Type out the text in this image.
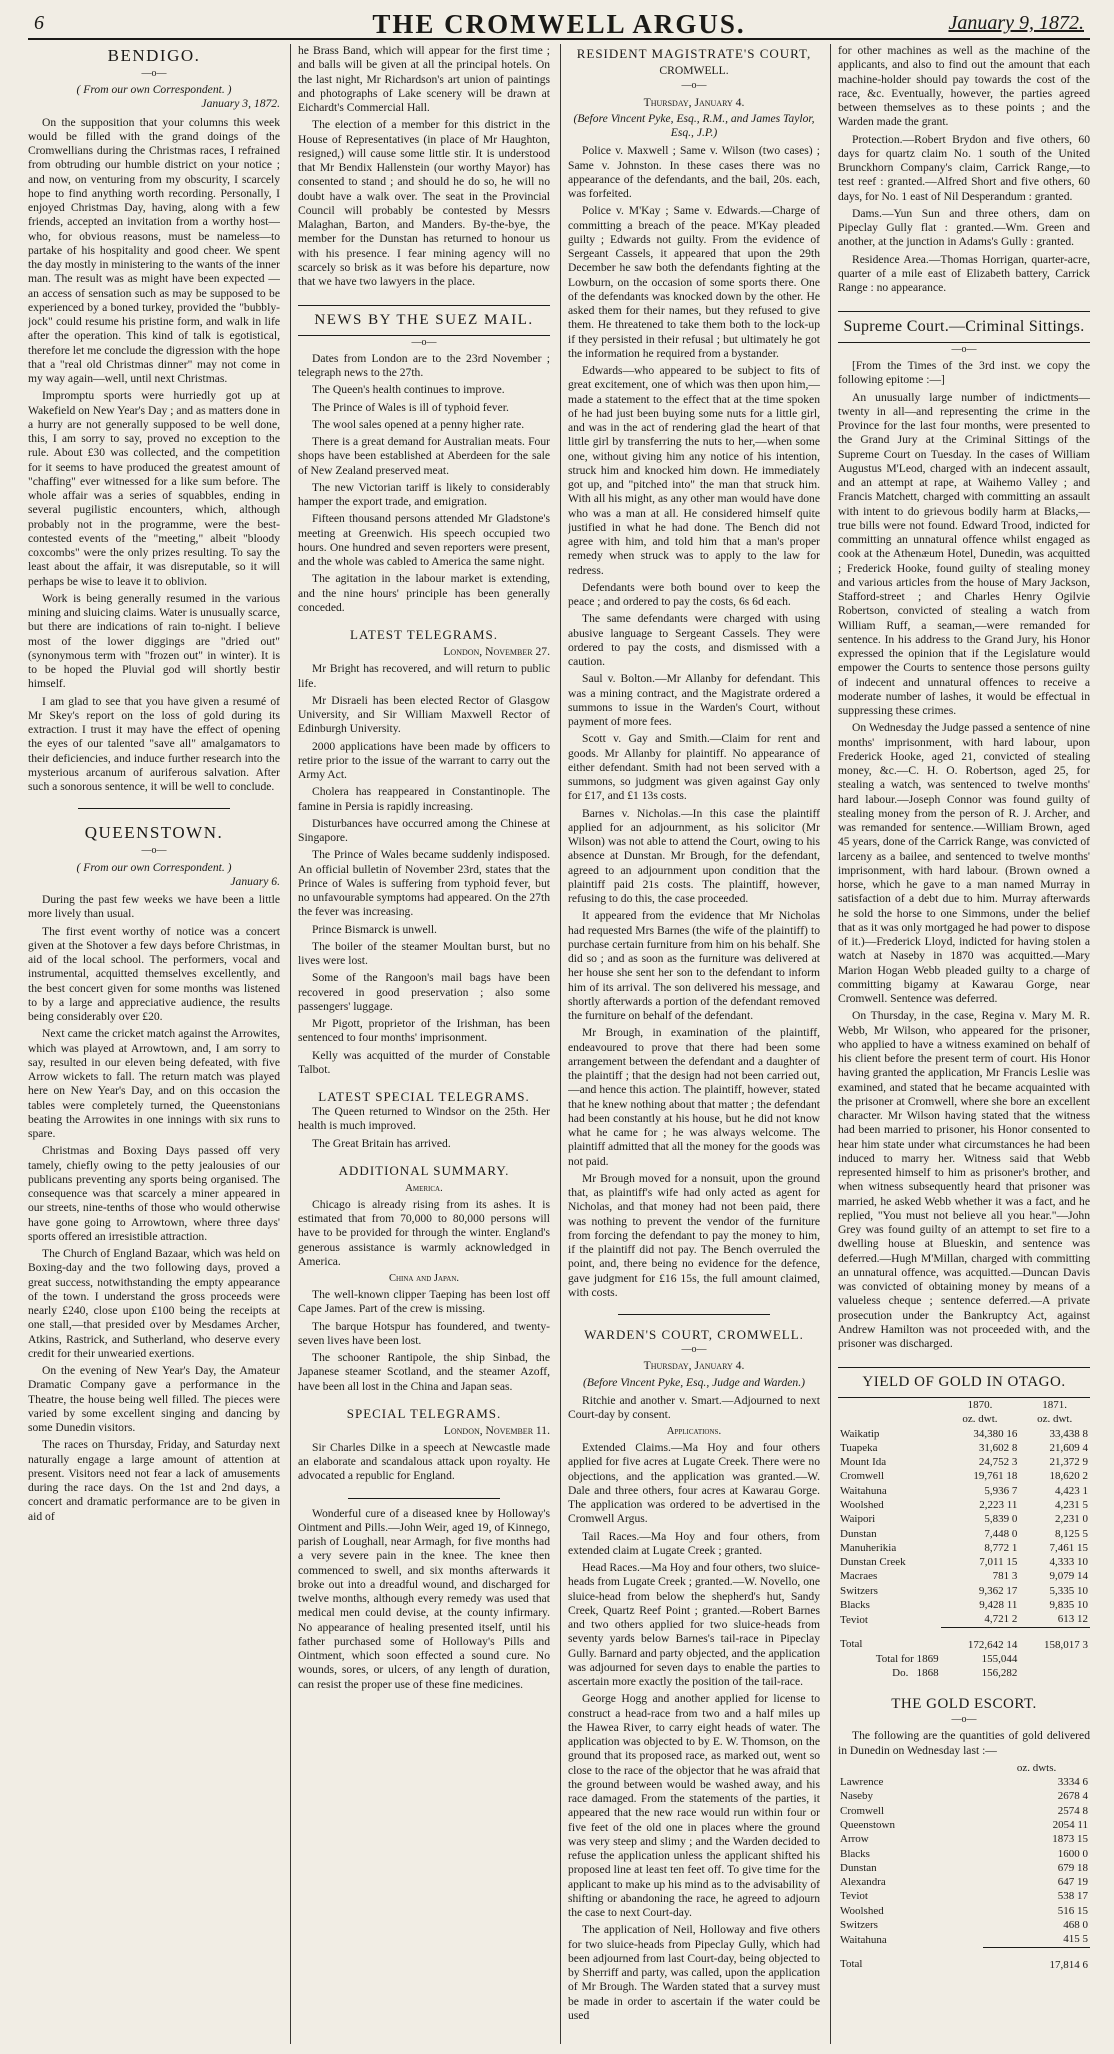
6	THE CROMWELL ARGUS.	January 9, 1872.
BENDIGO.
—o—
( From our own Correspondent. )
January 3, 1872.

On the supposition that your columns this week would be filled with the grand doings of the Cromwellians during the Christmas races, I refrained from obtruding our humble district on your notice ; and now, on venturing from my obscurity, I scarcely hope to find anything worth recording. Personally, I enjoyed Christmas Day, having, along with a few friends, accepted an invitation from a worthy host—who, for obvious reasons, must be nameless—to partake of his hospitality and good cheer. We spent the day mostly in ministering to the wants of the inner man. The result was as might have been expected —an access of sensation such as may be supposed to be experienced by a boned turkey, provided the "bubbly-jock" could resume his pristine form, and walk in life after the operation. This kind of talk is egotistical, therefore let me conclude the digression with the hope that a "real old Christmas dinner" may not come in my way again—well, until next Christmas.

Impromptu sports were hurriedly got up at Wakefield on New Year's Day ; and as matters done in a hurry are not generally supposed to be well done, this, I am sorry to say, proved no exception to the rule. About £30 was collected, and the competition for it seems to have produced the greatest amount of "chaffing" ever witnessed for a like sum before. The whole affair was a series of squabbles, ending in several pugilistic encounters, which, although probably not in the programme, were the best-contested events of the "meeting," albeit "bloody coxcombs" were the only prizes resulting. To say the least about the affair, it was disreputable, so it will perhaps be wise to leave it to oblivion.

Work is being generally resumed in the various mining and sluicing claims. Water is unusually scarce, but there are indications of rain to-night. I believe most of the lower diggings are "dried out" (synonymous term with "frozen out" in winter). It is to be hoped the Pluvial god will shortly bestir himself.

I am glad to see that you have given a resumé of Mr Skey's report on the loss of gold during its extraction. I trust it may have the effect of opening the eyes of our talented "save all" amalgamators to their deficiencies, and induce further research into the mysterious arcanum of auriferous salvation. After such a sonorous sentence, it will be well to conclude.

QUEENSTOWN.
—o—
( From our own Correspondent. )
January 6.

During the past few weeks we have been a little more lively than usual.

The first event worthy of notice was a concert given at the Shotover a few days before Christmas, in aid of the local school. The performers, vocal and instrumental, acquitted themselves excellently, and the best concert given for some months was listened to by a large and appreciative audience, the results being considerably over £20.

Next came the cricket match against the Arrowites, which was played at Arrowtown, and, I am sorry to say, resulted in our eleven being defeated, with five Arrow wickets to fall. The return match was played here on New Year's Day, and on this occasion the tables were completely turned, the Queenstonians beating the Arrowites in one innings with six runs to spare.

Christmas and Boxing Days passed off very tamely, chiefly owing to the petty jealousies of our publicans preventing any sports being organised. The consequence was that scarcely a miner appeared in our streets, nine-tenths of those who would otherwise have gone going to Arrowtown, where three days' sports offered an irresistible attraction.

The Church of England Bazaar, which was held on Boxing-day and the two following days, proved a great success, notwithstanding the empty appearance of the town. I understand the gross proceeds were nearly £240, close upon £100 being the receipts at one stall,—that presided over by Mesdames Archer, Atkins, Rastrick, and Sutherland, who deserve every credit for their unwearied exertions.

On the evening of New Year's Day, the Amateur Dramatic Company gave a performance in the Theatre, the house being well filled. The pieces were varied by some excellent singing and dancing by some Dunedin visitors.

The races on Thursday, Friday, and Saturday next naturally engage a large amount of attention at present. Visitors need not fear a lack of amusements during the race days. On the 1st and 2nd days, a concert and dramatic performance are to be given in aid of

he Brass Band, which will appear for the first time ; and balls will be given at all the principal hotels. On the last night, Mr Richardson's art union of paintings and photographs of Lake scenery will be drawn at Eichardt's Commercial Hall.

The election of a member for this district in the House of Representatives (in place of Mr Haughton, resigned,) will cause some little stir. It is understood that Mr Bendix Hallenstein (our worthy Mayor) has consented to stand ; and should he do so, he will no doubt have a walk over. The seat in the Provincial Council will probably be contested by Messrs Malaghan, Barton, and Manders. By-the-bye, the member for the Dunstan has returned to honour us with his presence. I fear mining agency will no scarcely so brisk as it was before his departure, now that we have two lawyers in the place.

NEWS BY THE SUEZ MAIL.
—o—

Dates from London are to the 23rd November ; telegraph news to the 27th.

The Queen's health continues to improve.

The Prince of Wales is ill of typhoid fever.

The wool sales opened at a penny higher rate.

There is a great demand for Australian meats. Four shops have been established at Aberdeen for the sale of New Zealand preserved meat.

The new Victorian tariff is likely to considerably hamper the export trade, and emigration.

Fifteen thousand persons attended Mr Gladstone's meeting at Greenwich. His speech occupied two hours. One hundred and seven reporters were present, and the whole was cabled to America the same night.

The agitation in the labour market is extending, and the nine hours' principle has been generally conceded.

LATEST TELEGRAMS.
London, November 27.

Mr Bright has recovered, and will return to public life.

Mr Disraeli has been elected Rector of Glasgow University, and Sir William Maxwell Rector of Edinburgh University.

2000 applications have been made by officers to retire prior to the issue of the warrant to carry out the Army Act.

Cholera has reappeared in Constantinople. The famine in Persia is rapidly increasing.

Disturbances have occurred among the Chinese at Singapore.

The Prince of Wales became suddenly indisposed. An official bulletin of November 23rd, states that the Prince of Wales is suffering from typhoid fever, but no unfavourable symptoms had appeared. On the 27th the fever was increasing.

Prince Bismarck is unwell.

The boiler of the steamer Moultan burst, but no lives were lost.

Some of the Rangoon's mail bags have been recovered in good preservation ; also some passengers' luggage.

Mr Pigott, proprietor of the Irishman, has been sentenced to four months' imprisonment.

Kelly was acquitted of the murder of Constable Talbot.

LATEST SPECIAL TELEGRAMS.

The Queen returned to Windsor on the 25th. Her health is much improved.

The Great Britain has arrived.

ADDITIONAL SUMMARY.
America.

Chicago is already rising from its ashes. It is estimated that from 70,000 to 80,000 persons will have to be provided for through the winter. England's generous assistance is warmly acknowledged in America.

China and Japan.

The well-known clipper Taeping has been lost off Cape James. Part of the crew is missing.

The barque Hotspur has foundered, and twenty-seven lives have been lost.

The schooner Rantipole, the ship Sinbad, the Japanese steamer Scotland, and the steamer Azoff, have been all lost in the China and Japan seas.

SPECIAL TELEGRAMS.
London, November 11.

Sir Charles Dilke in a speech at Newcastle made an elaborate and scandalous attack upon royalty. He advocated a republic for England.

Wonderful cure of a diseased knee by Holloway's Ointment and Pills.—John Weir, aged 19, of Kinnego, parish of Loughall, near Armagh, for five months had a very severe pain in the knee. The knee then commenced to swell, and six months afterwards it broke out into a dreadful wound, and discharged for twelve months, although every remedy was used that medical men could devise, at the county infirmary. No appearance of healing presented itself, until his father purchased some of Holloway's Pills and Ointment, which soon effected a sound cure. No wounds, sores, or ulcers, of any length of duration, can resist the proper use of these fine medicines.

RESIDENT MAGISTRATE'S COURT,
CROMWELL.
—o—
Thursday, January 4.
(Before Vincent Pyke, Esq., R.M., and James Taylor, Esq., J.P.)

Police v. Maxwell ; Same v. Wilson (two cases) ; Same v. Johnston. In these cases there was no appearance of the defendants, and the bail, 20s. each, was forfeited.

Police v. M'Kay ; Same v. Edwards.—Charge of committing a breach of the peace. M'Kay pleaded guilty ; Edwards not guilty. From the evidence of Sergeant Cassels, it appeared that upon the 29th December he saw both the defendants fighting at the Lowburn, on the occasion of some sports there. One of the defendants was knocked down by the other. He asked them for their names, but they refused to give them. He threatened to take them both to the lock-up if they persisted in their refusal ; but ultimately he got the information he required from a bystander.

Edwards—who appeared to be subject to fits of great excitement, one of which was then upon him,—made a statement to the effect that at the time spoken of he had just been buying some nuts for a little girl, and was in the act of rendering glad the heart of that little girl by transferring the nuts to her,—when some one, without giving him any notice of his intention, struck him and knocked him down. He immediately got up, and "pitched into" the man that struck him. With all his might, as any other man would have done who was a man at all. He considered himself quite justified in what he had done. The Bench did not agree with him, and told him that a man's proper remedy when struck was to apply to the law for redress.

Defendants were both bound over to keep the peace ; and ordered to pay the costs, 6s 6d each.

The same defendants were charged with using abusive language to Sergeant Cassels. They were ordered to pay the costs, and dismissed with a caution.

Saul v. Bolton.—Mr Allanby for defendant. This was a mining contract, and the Magistrate ordered a summons to issue in the Warden's Court, without payment of more fees.

Scott v. Gay and Smith.—Claim for rent and goods. Mr Allanby for plaintiff. No appearance of either defendant. Smith had not been served with a summons, so judgment was given against Gay only for £17, and £1 13s costs.

Barnes v. Nicholas.—In this case the plaintiff applied for an adjournment, as his solicitor (Mr Wilson) was not able to attend the Court, owing to his absence at Dunstan. Mr Brough, for the defendant, agreed to an adjournment upon condition that the plaintiff paid 21s costs. The plaintiff, however, refusing to do this, the case proceeded.

It appeared from the evidence that Mr Nicholas had requested Mrs Barnes (the wife of the plaintiff) to purchase certain furniture from him on his behalf. She did so ; and as soon as the furniture was delivered at her house she sent her son to the defendant to inform him of its arrival. The son delivered his message, and shortly afterwards a portion of the defendant removed the furniture on behalf of the defendant.

Mr Brough, in examination of the plaintiff, endeavoured to prove that there had been some arrangement between the defendant and a daughter of the plaintiff ; that the design had not been carried out,—and hence this action. The plaintiff, however, stated that he knew nothing about that matter ; the defendant had been constantly at his house, but he did not know what he came for ; he was always welcome. The plaintiff admitted that all the money for the goods was not paid.

Mr Brough moved for a nonsuit, upon the ground that, as plaintiff's wife had only acted as agent for Nicholas, and that money had not been paid, there was nothing to prevent the vendor of the furniture from forcing the defendant to pay the money to him, if the plaintiff did not pay. The Bench overruled the point, and, there being no evidence for the defence, gave judgment for £16 15s, the full amount claimed, with costs.

WARDEN'S COURT, CROMWELL.
—o—
Thursday, January 4.
(Before Vincent Pyke, Esq., Judge and Warden.)

Ritchie and another v. Smart.—Adjourned to next Court-day by consent.

Applications.

Extended Claims.—Ma Hoy and four others applied for five acres at Lugate Creek. There were no objections, and the application was granted.—W. Dale and three others, four acres at Kawarau Gorge. The application was ordered to be advertised in the Cromwell Argus.

Tail Races.—Ma Hoy and four others, from extended claim at Lugate Creek ; granted.

Head Races.—Ma Hoy and four others, two sluice-heads from Lugate Creek ; granted.—W. Novello, one sluice-head from below the shepherd's hut, Sandy Creek, Quartz Reef Point ; granted.—Robert Barnes and two others applied for two sluice-heads from seventy yards below Barnes's tail-race in Pipeclay Gully. Barnard and party objected, and the application was adjourned for seven days to enable the parties to ascertain more exactly the position of the tail-race.

George Hogg and another applied for license to construct a head-race from two and a half miles up the Hawea River, to carry eight heads of water. The application was objected to by E. W. Thomson, on the ground that its proposed race, as marked out, went so close to the race of the objector that he was afraid that the ground between would be washed away, and his race damaged. From the statements of the parties, it appeared that the new race would run within four or five feet of the old one in places where the ground was very steep and slimy ; and the Warden decided to refuse the application unless the applicant shifted his proposed line at least ten feet off. To give time for the applicant to make up his mind as to the advisability of shifting or abandoning the race, he agreed to adjourn the case to next Court-day.

The application of Neil, Holloway and five others for two sluice-heads from Pipeclay Gully, which had been adjourned from last Court-day, being objected to by Sherriff and party, was called, upon the application of Mr Brough. The Warden stated that a survey must be made in order to ascertain if the water could be used

for other machines as well as the machine of the applicants, and also to find out the amount that each machine-holder should pay towards the cost of the race, &c. Eventually, however, the parties agreed between themselves as to these points ; and the Warden made the grant.

Protection.—Robert Brydon and five others, 60 days for quartz claim No. 1 south of the United Brunckhorn Company's claim, Carrick Range,—to test reef : granted.—Alfred Short and five others, 60 days, for No. 1 east of Nil Desperandum : granted.

Dams.—Yun Sun and three others, dam on Pipeclay Gully flat : granted.—Wm. Green and another, at the junction in Adams's Gully : granted.

Residence Area.—Thomas Horrigan, quarter-acre, quarter of a mile east of Elizabeth battery, Carrick Range : no appearance.

Supreme Court.—Criminal Sittings.
—o—

[From the Times of the 3rd inst. we copy the following epitome :—]

An unusually large number of indictments—twenty in all—and representing the crime in the Province for the last four months, were presented to the Grand Jury at the Criminal Sittings of the Supreme Court on Tuesday. In the cases of William Augustus M'Leod, charged with an indecent assault, and an attempt at rape, at Waihemo Valley ; and Francis Matchett, charged with committing an assault with intent to do grievous bodily harm at Blacks,—true bills were not found. Edward Trood, indicted for committing an unnatural offence whilst engaged as cook at the Athenæum Hotel, Dunedin, was acquitted ; Frederick Hooke, found guilty of stealing money and various articles from the house of Mary Jackson, Stafford-street ; and Charles Henry Ogilvie Robertson, convicted of stealing a watch from William Ruff, a seaman,—were remanded for sentence. In his address to the Grand Jury, his Honor expressed the opinion that if the Legislature would empower the Courts to sentence those persons guilty of indecent and unnatural offences to receive a moderate number of lashes, it would be effectual in suppressing these crimes.

On Wednesday the Judge passed a sentence of nine months' imprisonment, with hard labour, upon Frederick Hooke, aged 21, convicted of stealing money, &c.—C. H. O. Robertson, aged 25, for stealing a watch, was sentenced to twelve months' hard labour.—Joseph Connor was found guilty of stealing money from the person of R. J. Archer, and was remanded for sentence.—William Brown, aged 45 years, done of the Carrick Range, was convicted of larceny as a bailee, and sentenced to twelve months' imprisonment, with hard labour. (Brown owned a horse, which he gave to a man named Murray in satisfaction of a debt due to him. Murray afterwards he sold the horse to one Simmons, under the belief that as it was only mortgaged he had power to dispose of it.)—Frederick Lloyd, indicted for having stolen a watch at Naseby in 1870 was acquitted.—Mary Marion Hogan Webb pleaded guilty to a charge of committing bigamy at Kawarau Gorge, near Cromwell. Sentence was deferred.

On Thursday, in the case, Regina v. Mary M. R. Webb, Mr Wilson, who appeared for the prisoner, who applied to have a witness examined on behalf of his client before the present term of court. His Honor having granted the application, Mr Francis Leslie was examined, and stated that he became acquainted with the prisoner at Cromwell, where she bore an excellent character. Mr Wilson having stated that the witness had been married to prisoner, his Honor consented to hear him state under what circumstances he had been induced to marry her. Witness said that Webb represented himself to him as prisoner's brother, and when witness subsequently heard that prisoner was married, he asked Webb whether it was a fact, and he replied, "You must not believe all you hear."—John Grey was found guilty of an attempt to set fire to a dwelling house at Blueskin, and sentence was deferred.—Hugh M'Millan, charged with committing an unnatural offence, was acquitted.—Duncan Davis was convicted of obtaining money by means of a valueless cheque ; sentence deferred.—A private prosecution under the Bankruptcy Act, against Andrew Hamilton was not proceeded with, and the prisoner was discharged.

YIELD OF GOLD IN OTAGO.
	1870.	1871.
	oz. dwt.	oz. dwt.
Waikatip	34,380 16	33,438 8
Tuapeka	31,602 8	21,609 4
Mount Ida	24,752 3	21,372 9
Cromwell	19,761 18	18,620 2
Waitahuna	5,936 7	4,423 1
Woolshed	2,223 11	4,231 5
Waipori	5,839 0	2,231 0
Dunstan	7,448 0	8,125 5
Manuherikia	8,772 1	7,461 15
Dunstan Creek	7,011 15	4,333 10
Macraes	781 3	9,079 14
Switzers	9,362 17	5,335 10
Blacks	9,428 11	9,835 10
Teviot	4,721 2	613 12
Total	172,642 14	158,017 3
Total for 1869	155,044	
Do. 1868	156,282	
THE GOLD ESCORT.
—o—

The following are the quantities of gold delivered in Dunedin on Wednesday last :—

	oz. dwts.
Lawrence	3334 6
Naseby	2678 4
Cromwell	2574 8
Queenstown	2054 11
Arrow	1873 15
Blacks	1600 0
Dunstan	679 18
Alexandra	647 19
Teviot	538 17
Woolshed	516 15
Switzers	468 0
Waitahuna	415 5
Total	17,814 6
